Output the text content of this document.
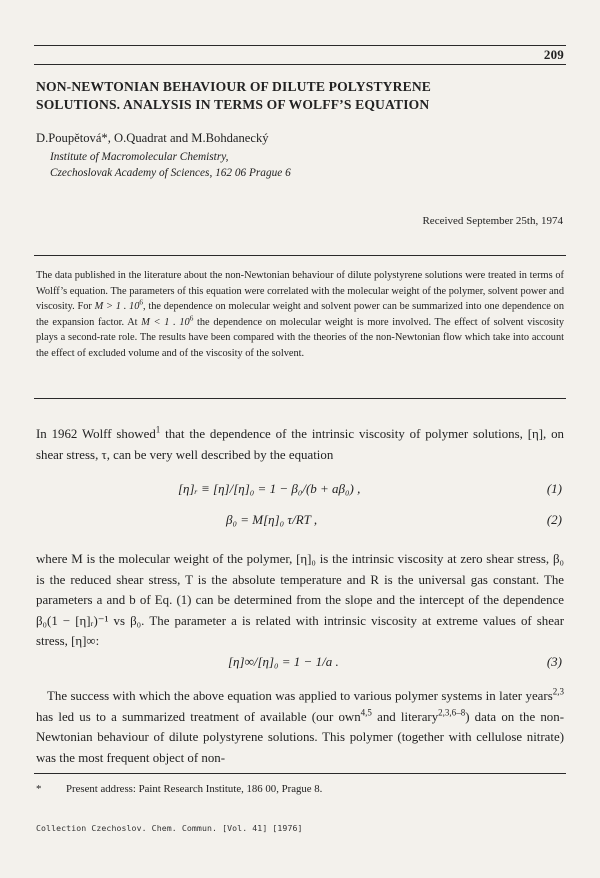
209
NON-NEWTONIAN BEHAVIOUR OF DILUTE POLYSTYRENE
SOLUTIONS. ANALYSIS IN TERMS OF WOLFF’S EQUATION
D.Poupětová*, O.Quadrat and M.Bohdanecký
Institute of Macromolecular Chemistry,
Czechoslovak Academy of Sciences, 162 06 Prague 6
Received September 25th, 1974

The data published in the literature about the non-Newtonian behaviour of dilute polystyrene solutions were treated in terms of Wolff’s equation. The parameters of this equation were correlated with the molecular weight of the polymer, solvent power and viscosity. For M > 1 . $10^6$, the dependence on molecular weight and solvent power can be summarized into one dependence on the expansion factor. At M < 1 . $10^6$ the dependence on molecular weight is more involved. The effect of solvent viscosity plays a second-rate role. The results have been compared with the theories of the non-Newtonian flow which take into account the effect of excluded volume and of the viscosity of the solvent.

In 1962 Wolff showed$^1$ that the dependence of the intrinsic viscosity of polymer solutions, [η], on shear stress, τ, can be very well described by the equation

[η]ᵣ ≡ [η]/[η]₀ = 1 − β₀/(b + aβ₀) ,	(1)
β₀ = M[η]₀ τ/RT ,	(2)

where M is the molecular weight of the polymer, [η]₀ is the intrinsic viscosity at zero shear stress, β₀ is the reduced shear stress, T is the absolute temperature and R is the universal gas constant. The parameters a and b of Eq. (1) can be determined from the slope and the intercept of the dependence β₀(1 − [η]ᵣ)⁻¹ vs β₀. The parameter a is related with intrinsic viscosity at extreme values of shear stress, [η]∞:

[η]∞/[η]₀ = 1 − 1/a .	(3)

The success with which the above equation was applied to various polymer systems in later years$^{2,3}$ has led us to a summarized treatment of available (our own$^{4,5}$ and literary$^{2,3,6-8}$) data on the non-Newtonian behaviour of dilute polystyrene solutions. This polymer (together with cellulose nitrate) was the most frequent object of non-

* Present address: Paint Research Institute, 186 00, Prague 8.
Collection Czechoslov. Chem. Commun. [Vol. 41] [1976]
